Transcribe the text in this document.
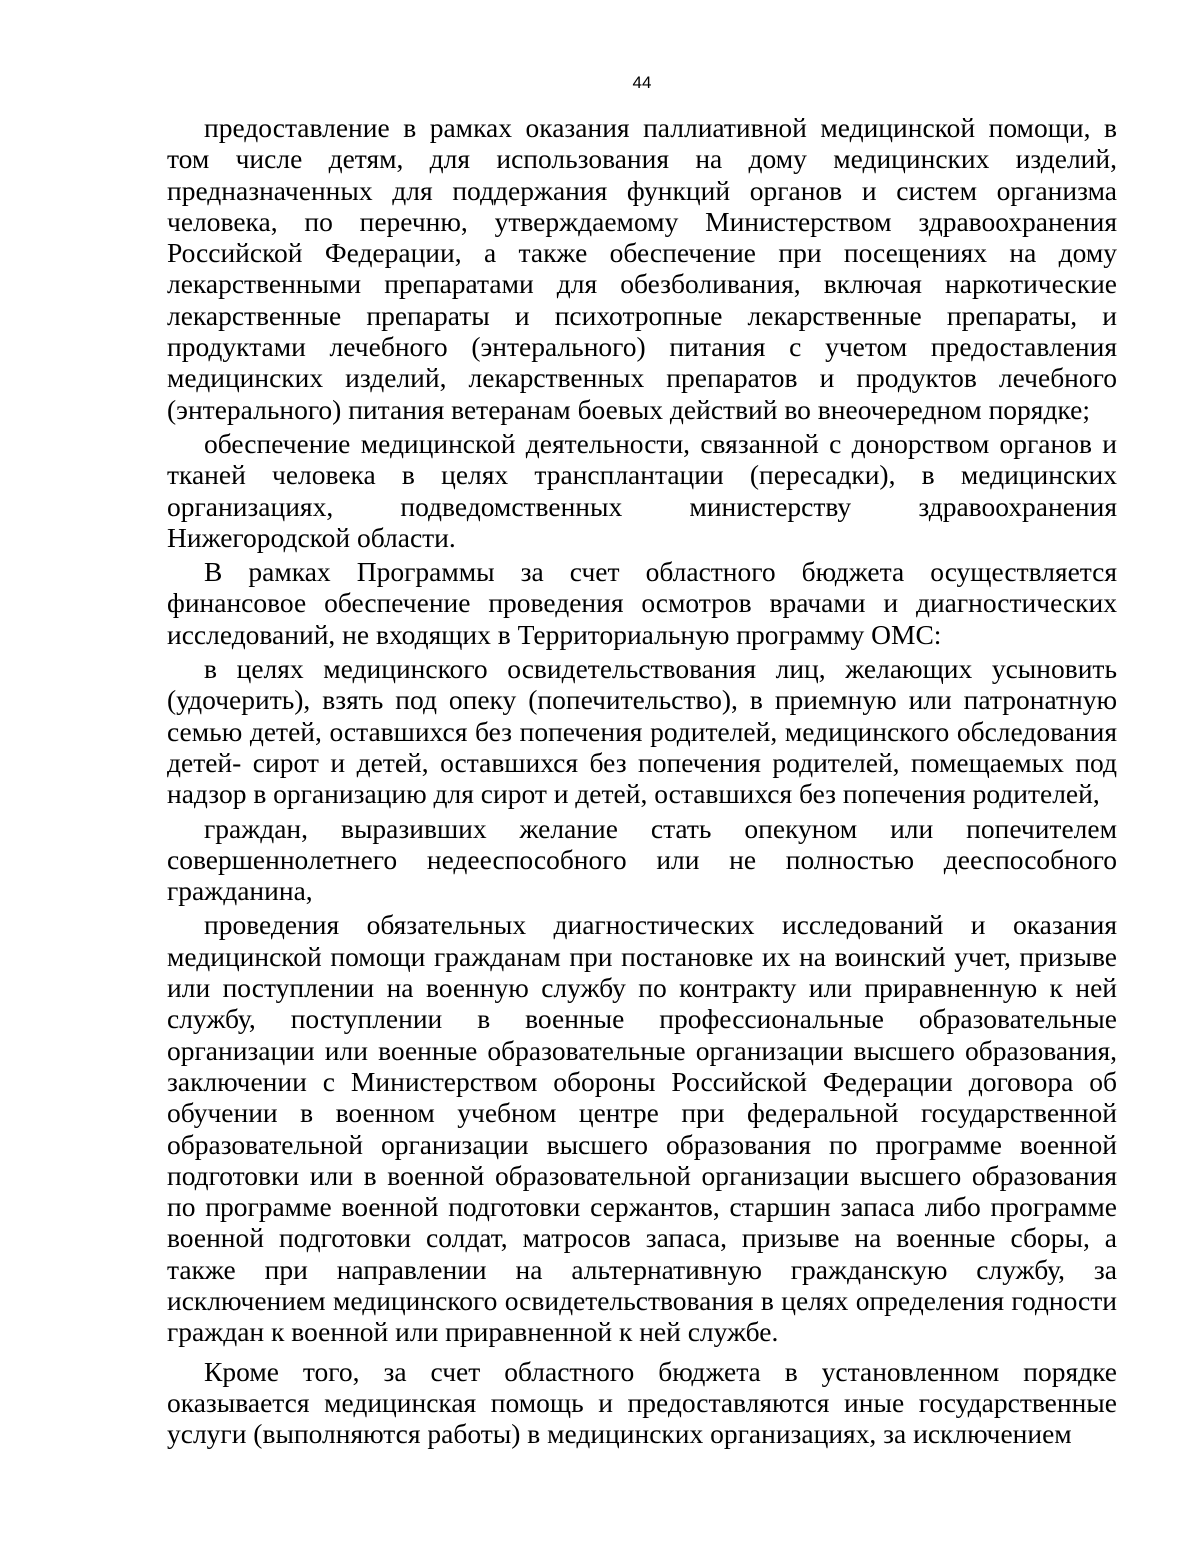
44

предоставление в рамках оказания паллиативной медицинской помощи, в том числе детям, для использования на дому медицинских изделий, предназначенных для поддержания функций органов и систем организма человека, по перечню, утверждаемому Министерством здравоохранения Российской Федерации, а также обеспечение при посещениях на дому лекарственными препаратами для обезболивания, включая наркотические лекарственные препараты и психотропные лекарственные препараты, и продуктами лечебного (энтерального) питания с учетом предоставления медицинских изделий, лекарственных препаратов и продуктов лечебного (энтерального) питания ветеранам боевых действий во внеочередном порядке;

обеспечение медицинской деятельности, связанной с донорством органов и тканей человека в целях трансплантации (пересадки), в медицинских организациях, подведомственных министерству здравоохранения Нижегородской области.

В рамках Программы за счет областного бюджета осуществляется финансовое обеспечение проведения осмотров врачами и диагностических исследований, не входящих в Территориальную программу ОМС:

в целях медицинского освидетельствования лиц, желающих усыновить (удочерить), взять под опеку (попечительство), в приемную или патронатную семью детей, оставшихся без попечения родителей, медицинского обследования детей- сирот и детей, оставшихся без попечения родителей, помещаемых под надзор в организацию для сирот и детей, оставшихся без попечения родителей,

граждан, выразивших желание стать опекуном или попечителем совершеннолетнего недееспособного или не полностью дееспособного гражданина,

проведения обязательных диагностических исследований и оказания медицинской помощи гражданам при постановке их на воинский учет, призыве или поступлении на военную службу по контракту или приравненную к ней службу, поступлении в военные профессиональные образовательные организации или военные образовательные организации высшего образования, заключении с Министерством обороны Российской Федерации договора об обучении в военном учебном центре при федеральной государственной образовательной организации высшего образования по программе военной подготовки или в военной образовательной организации высшего образования по программе военной подготовки сержантов, старшин запаса либо программе военной подготовки солдат, матросов запаса, призыве на военные сборы, а также при направлении на альтернативную гражданскую службу, за исключением медицинского освидетельствования в целях определения годности граждан к военной или приравненной к ней службе.

Кроме того, за счет областного бюджета в установленном порядке оказывается медицинская помощь и предоставляются иные государственные услуги (выполняются работы) в медицинских организациях, за исключением
